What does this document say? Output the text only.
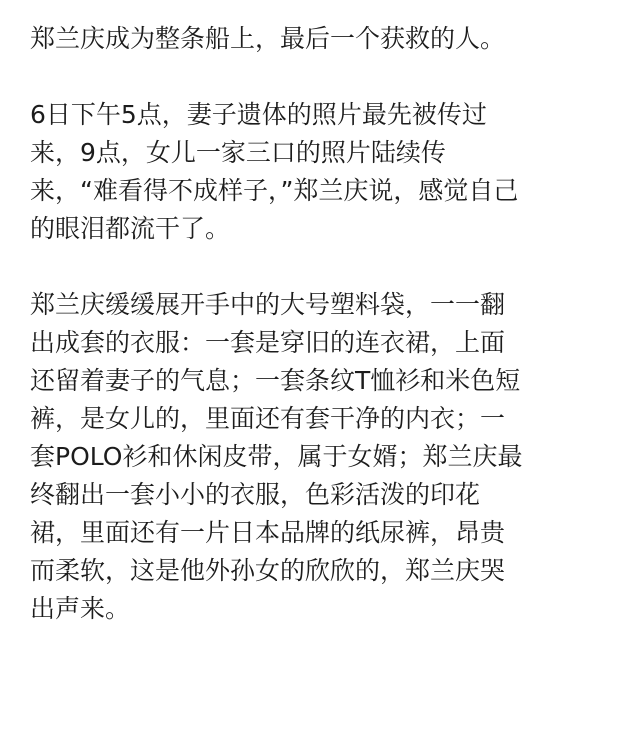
郑兰庆成为整条船上，最后一个获救的人。

6日下午5点，妻子遗体的照片最先被传过
来，9点，女儿一家三口的照片陆续传
来，“难看得不成样子，”郑兰庆说，感觉自己
的眼泪都流干了。

郑兰庆缓缓展开手中的大号塑料袋，一一翻
出成套的衣服：一套是穿旧的连衣裙，上面
还留着妻子的气息；一套条纹T恤衫和米色短
裤，是女儿的，里面还有套干净的内衣；一
套POLO衫和休闲皮带，属于女婿；郑兰庆最
终翻出一套小小的衣服，色彩活泼的印花
裙，里面还有一片日本品牌的纸尿裤，昂贵
而柔软，这是他外孙女的欣欣的，郑兰庆哭
出声来。
